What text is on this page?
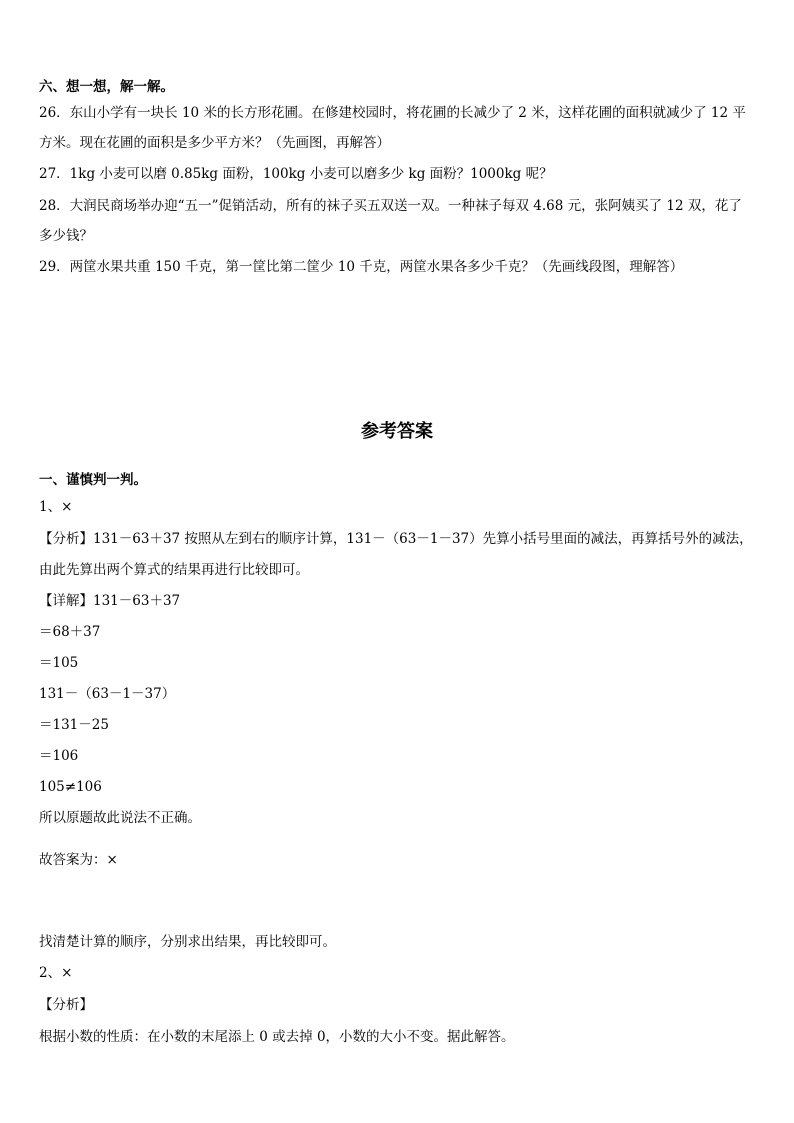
六、想一想，解一解。
26．东山小学有一块长 10 米的长方形花圃。在修建校园时，将花圃的长减少了 2 米，这样花圃的面积就减少了 12 平
方米。现在花圃的面积是多少平方米？（先画图，再解答）
27．1kg 小麦可以磨 0.85kg 面粉，100kg 小麦可以磨多少 kg 面粉？1000kg 呢？
28．大润民商场举办迎“五一”促销活动，所有的袜子买五双送一双。一种袜子每双 4.68 元，张阿姨买了 12 双，花了
多少钱？
29．两筐水果共重 150 千克，第一筐比第二筐少 10 千克，两筐水果各多少千克？（先画线段图，理解答）
参考答案
一、谨慎判一判。
1、×
【分析】131－63＋37 按照从左到右的顺序计算，131－（63－1－37）先算小括号里面的减法，再算括号外的减法，
由此先算出两个算式的结果再进行比较即可。
【详解】131－63＋37
＝68＋37
＝105
131－（63－1－37）
＝131－25
＝106
105≠106
所以原题故此说法不正确。
故答案为：×
找清楚计算的顺序，分别求出结果，再比较即可。
2、×
【分析】
根据小数的性质：在小数的末尾添上 0 或去掉 0，小数的大小不变。据此解答。
